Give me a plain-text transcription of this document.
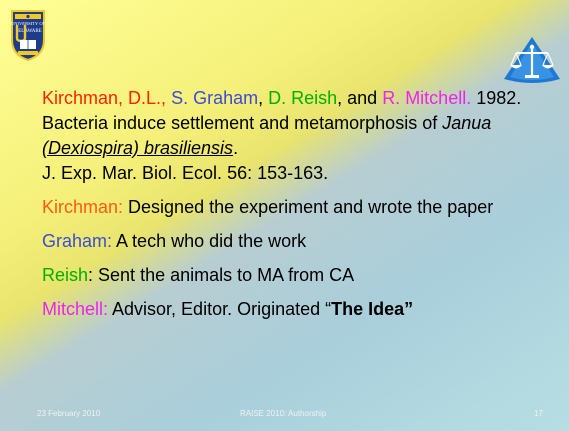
UNIVERSITY OF
ELAWARE

Kirchman, D.L., S. Graham, D. Reish, and R. Mitchell. 1982. Bacteria induce settlement and metamorphosis of Janua (Dexiospira) brasiliensis.
J. Exp. Mar. Biol. Ecol. 56: 153-163.

Kirchman: Designed the experiment and wrote the paper

Graham: A tech who did the work

Reish: Sent the animals to MA from CA

Mitchell: Advisor, Editor. Originated “The Idea”

23 February 2010	RAISE 2010: Authorship	17
